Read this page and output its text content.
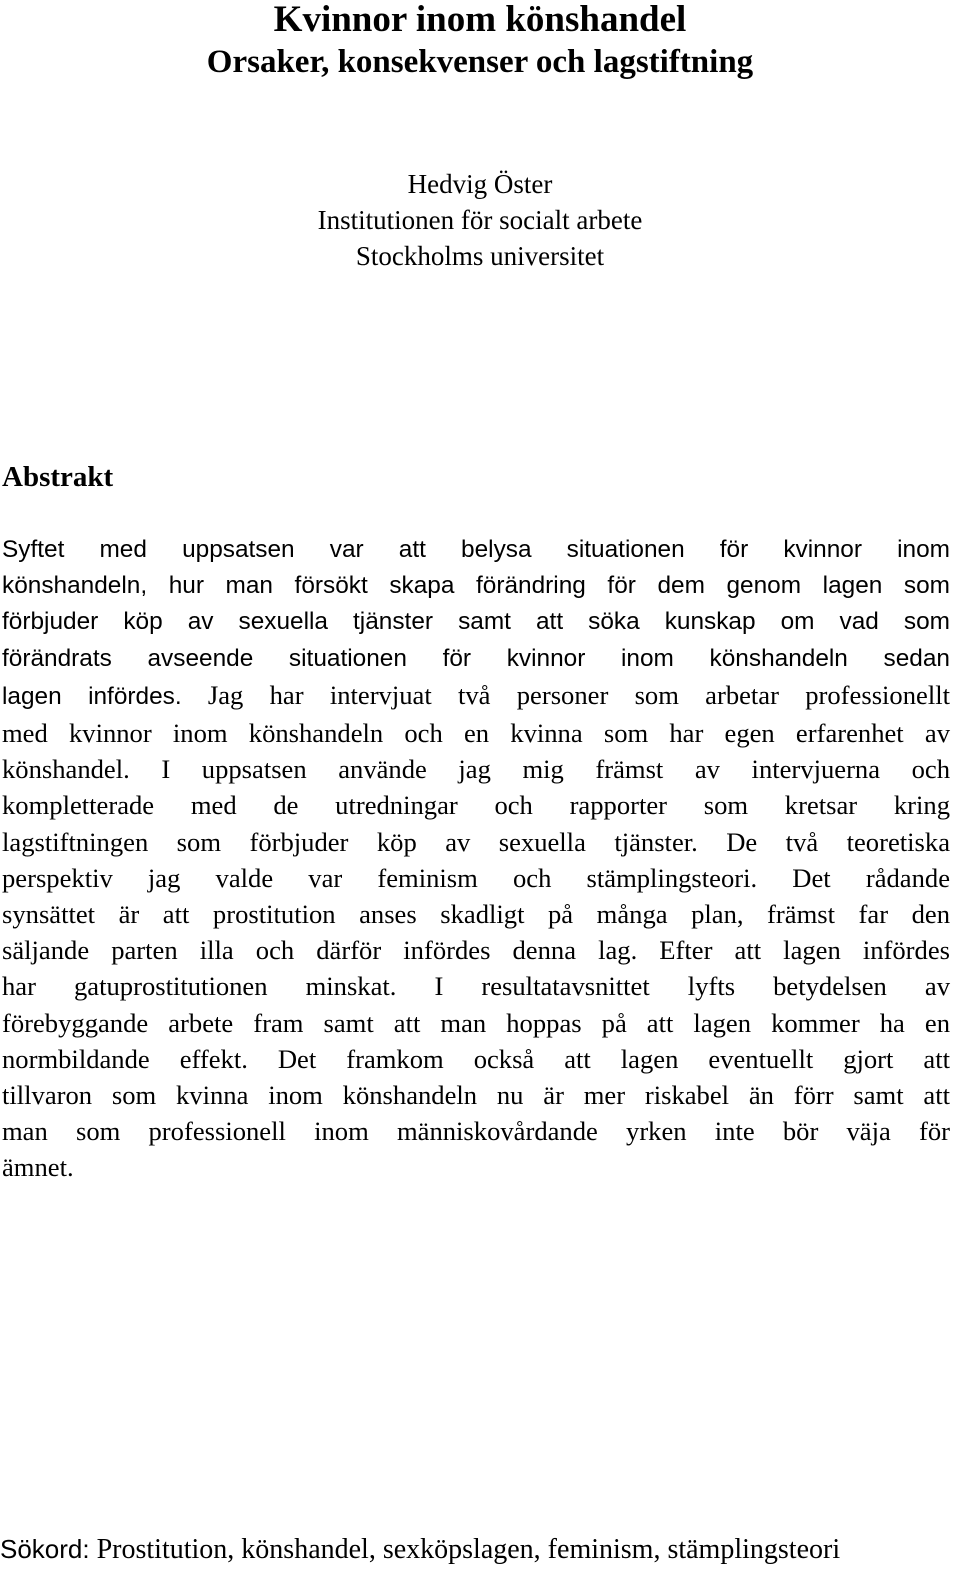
Kvinnor inom könshandel
Orsaker, konsekvenser och lagstiftning
Hedvig Öster
Institutionen för socialt arbete
Stockholms universitet
Abstrakt
Syftet med uppsatsen var att belysa situationen för kvinnor inom
könshandeln, hur man försökt skapa förändring för dem genom lagen som
förbjuder köp av sexuella tjänster samt att söka kunskap om vad som
förändrats avseende situationen för kvinnor inom könshandeln sedan
lagen infördes. Jag har intervjuat två personer som arbetar professionellt
med kvinnor inom könshandeln och en kvinna som har egen erfarenhet av
könshandel. I uppsatsen använde jag mig främst av intervjuerna och
kompletterade med de utredningar och rapporter som kretsar kring
lagstiftningen som förbjuder köp av sexuella tjänster. De två teoretiska
perspektiv jag valde var feminism och stämplingsteori. Det rådande
synsättet är att prostitution anses skadligt på många plan, främst far den
säljande parten illa och därför infördes denna lag. Efter att lagen infördes
har gatuprostitutionen minskat. I resultatavsnittet lyfts betydelsen av
förebyggande arbete fram samt att man hoppas på att lagen kommer ha en
normbildande effekt. Det framkom också att lagen eventuellt gjort att
tillvaron som kvinna inom könshandeln nu är mer riskabel än förr samt att
man som professionell inom människovårdande yrken inte bör väja för
ämnet.
Sökord: Prostitution, könshandel, sexköpslagen, feminism, stämplingsteori
